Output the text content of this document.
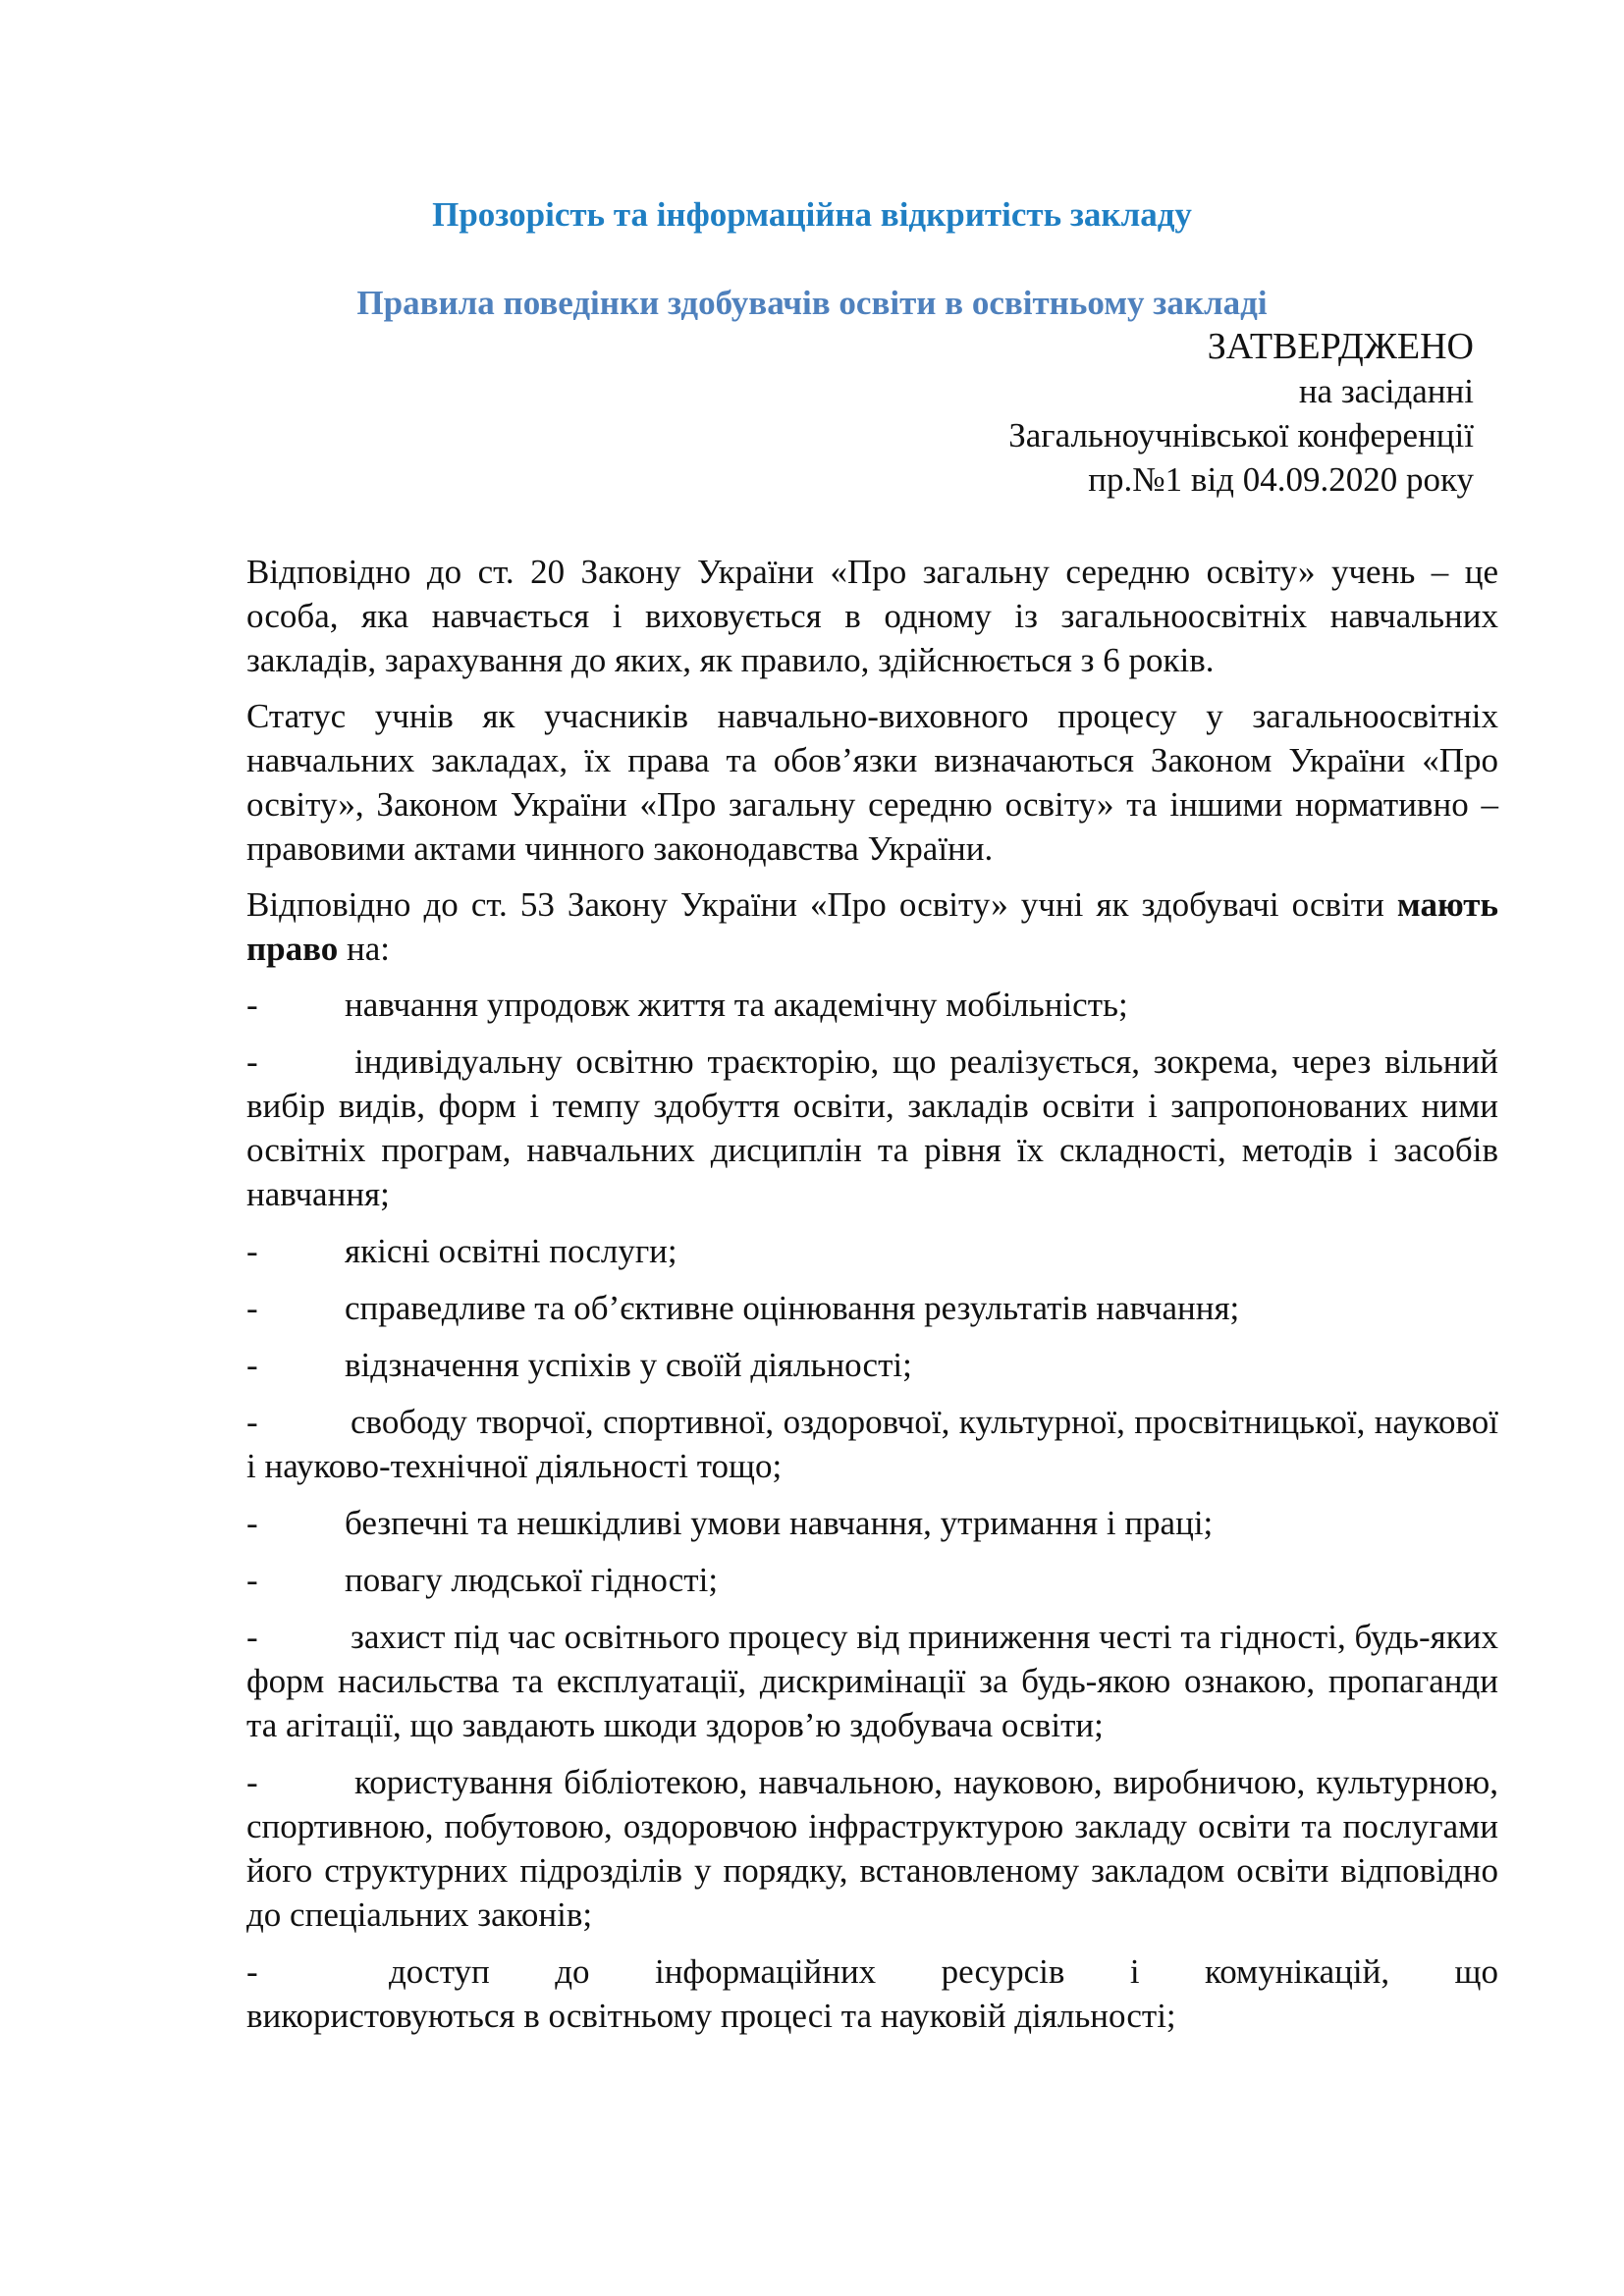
Прозорість та інформаційна відкритість закладу
Правила поведінки здобувачів освіти в освітньому закладі
ЗАТВЕРДЖЕНО
на засіданні
Загальноучнівської конференції
пр.№1 від 04.09.2020 року

Відповідно до ст. 20 Закону України «Про загальну середню освіту» учень – це особа, яка навчається і виховується в одному із загальноосвітніх навчальних закладів, зарахування до яких, як правило, здійснюється з 6 років.

Статус учнів як учасників навчально-виховного процесу у загальноосвітніх навчальних закладах, їх права та обов’язки визначаються Законом України «Про освіту», Законом України «Про загальну середню освіту» та іншими нормативно – правовими актами чинного законодавства України.

Відповідно до ст. 53 Закону України «Про освіту» учні як здобувачі освіти мають право на:

-	навчання упродовж життя та академічну мобільність;
-	індивідуальну освітню траєкторію, що реалізується, зокрема, через вільний вибір видів, форм і темпу здобуття освіти, закладів освіти і запропонованих ними освітніх програм, навчальних дисциплін та рівня їх складності, методів і засобів навчання;
-	якісні освітні послуги;
-	справедливе та об’єктивне оцінювання результатів навчання;
-	відзначення успіхів у своїй діяльності;
-	свободу творчої, спортивної, оздоровчої, культурної, просвітницької, наукової і науково-технічної діяльності тощо;
-	безпечні та нешкідливі умови навчання, утримання і праці;
-	повагу людської гідності;
-	захист під час освітнього процесу від приниження честі та гідності, будь-яких форм насильства та експлуатації, дискримінації за будь-якою ознакою, пропаганди та агітації, що завдають шкоди здоров’ю здобувача освіти;
-	користування бібліотекою, навчальною, науковою, виробничою, культурною, спортивною, побутовою, оздоровчою інфраструктурою закладу освіти та послугами його структурних підрозділів у порядку, встановленому закладом освіти відповідно до спеціальних законів;
-	доступ до інформаційних ресурсів і комунікацій, що
використовуються в освітньому процесі та науковій діяльності;
